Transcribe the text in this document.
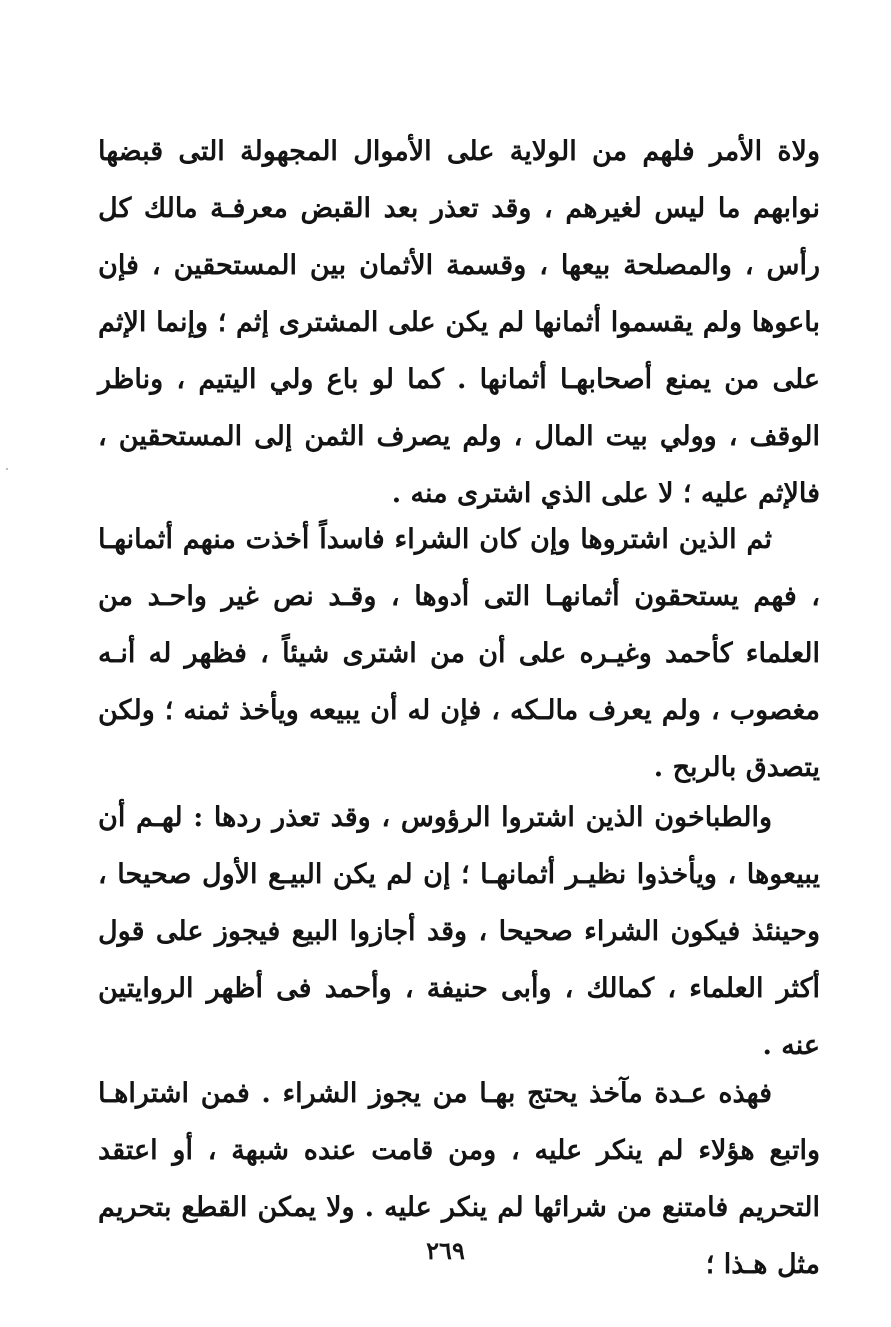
ولاة الأمر فلهم من الولاية على الأموال المجهولة التى قبضها نوابهم ما ليس لغيرهم ، وقد تعذر بعد القبض معرفـة مالك كل رأس ، والمصلحة بيعها ، وقسمة الأثمان بين المستحقين ، فإن باعوها ولم يقسموا أثمانها لم يكن على المشترى إثم ؛ وإنما الإثم على من يمنع أصحابهـا أثمانها . كما لو باع ولي اليتيم ، وناظر الوقف ، وولي بيت المال ، ولم يصرف الثمن إلى المستحقين ، فالإثم عليه ؛ لا على الذي اشترى منه .

ثم الذين اشتروها وإن كان الشراء فاسداً أخذت منهم أثمانهـا ، فهم يستحقون أثمانهـا التى أدوها ، وقـد نص غير واحـد من العلماء كأحمد وغيـره على أن من اشترى شيئاً ، فظهر له أنـه مغصوب ، ولم يعرف مالـكه ، فإن له أن يبيعه ويأخذ ثمنه ؛ ولكن يتصدق بالربح .

والطباخون الذين اشتروا الرؤوس ، وقد تعذر ردها : لهـم أن يبيعوها ، ويأخذوا نظيـر أثمانهـا ؛ إن لم يكن البيـع الأول صحيحا ، وحينئذ فيكون الشراء صحيحا ، وقد أجازوا البيع فيجوز على قول أكثر العلماء ، كمالك ، وأبى حنيفة ، وأحمد فى أظهر الروايتين عنه .

فهذه عـدة مآخذ يحتج بهـا من يجوز الشراء . فمن اشتراهـا واتبع هؤلاء لم ينكر عليه ، ومن قامت عنده شبهة ، أو اعتقد التحريم فامتنع من شرائها لم ينكر عليه . ولا يمكن القطع بتحريم مثل هـذا ؛

٢٦٩
